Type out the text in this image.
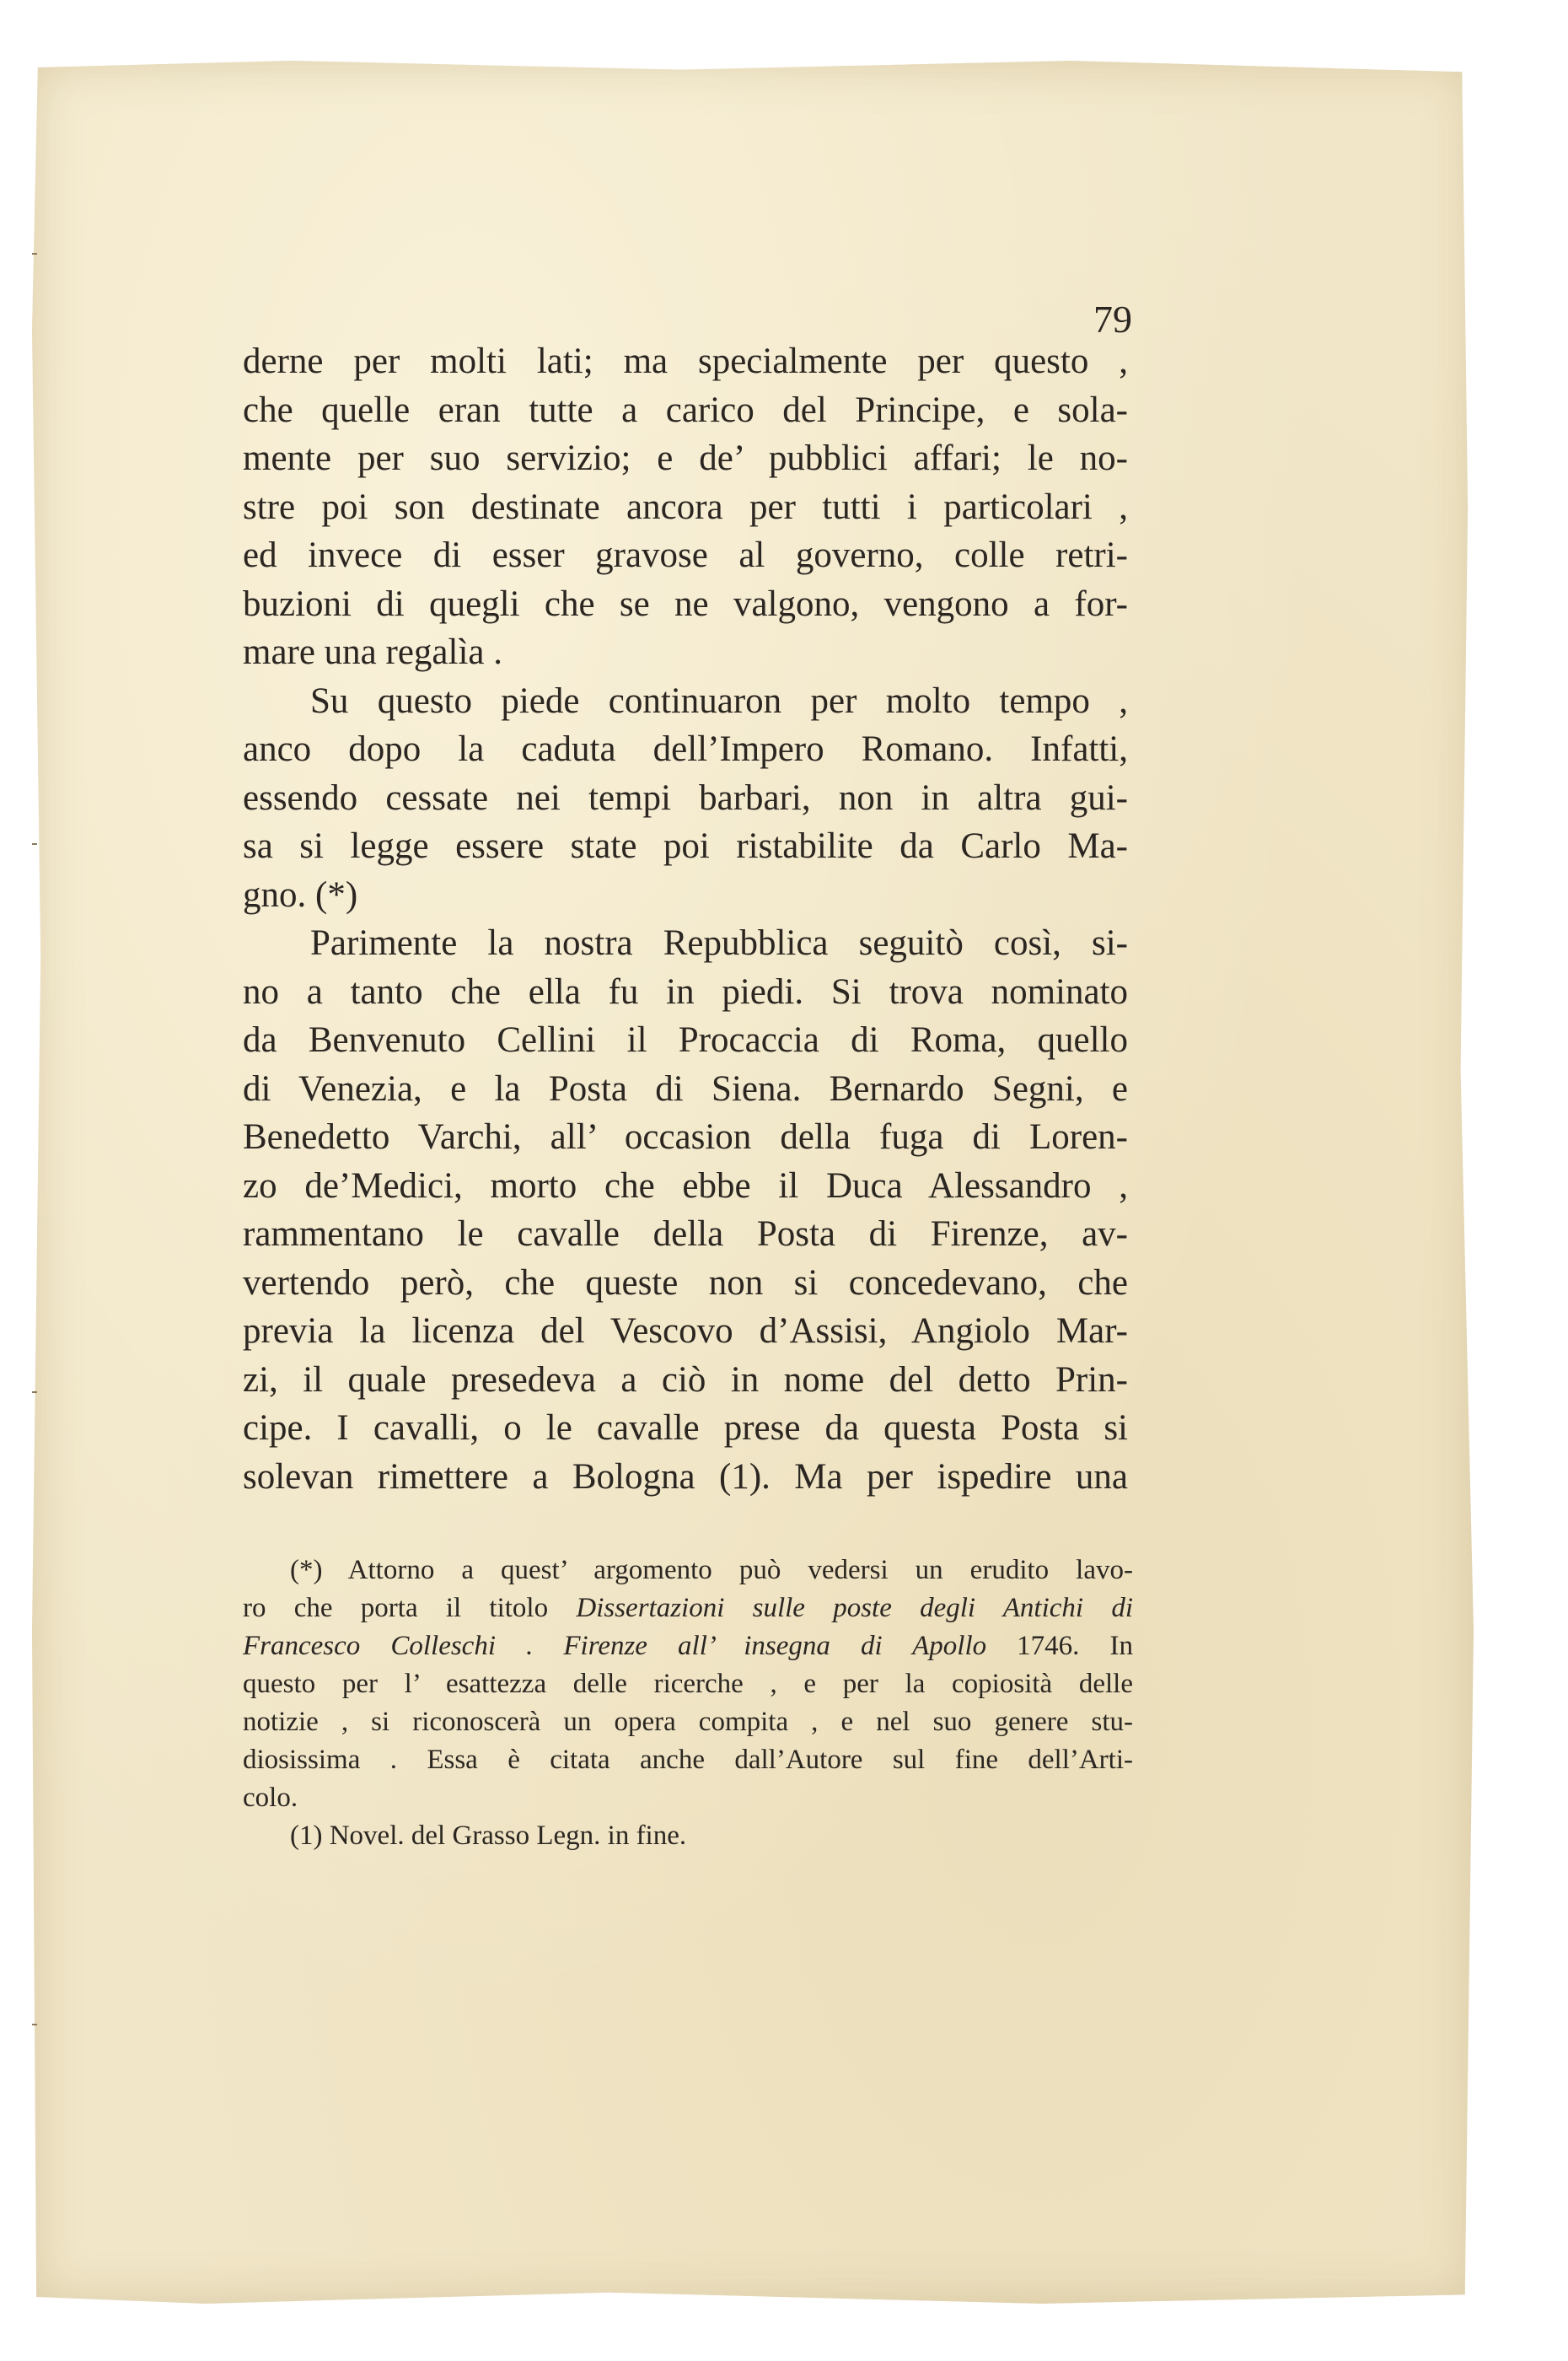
79
derne per molti lati; ma specialmente per questo ,
che quelle eran tutte a carico del Principe, e sola-
mente per suo servizio; e de’ pubblici affari; le no-
stre poi son destinate ancora per tutti i particolari ,
ed invece di esser gravose al governo, colle retri-
buzioni di quegli che se ne valgono, vengono a for-
mare una regalìa .
Su questo piede continuaron per molto tempo ,
anco dopo la caduta dell’Impero Romano. Infatti,
essendo cessate nei tempi barbari, non in altra gui-
sa si legge essere state poi ristabilite da Carlo Ma-
gno. (*)
Parimente la nostra Repubblica seguitò così, si-
no a tanto che ella fu in piedi. Si trova nominato
da Benvenuto Cellini il Procaccia di Roma, quello
di Venezia, e la Posta di Siena. Bernardo Segni, e
Benedetto Varchi, all’ occasion della fuga di Loren-
zo de’Medici, morto che ebbe il Duca Alessandro ,
rammentano le cavalle della Posta di Firenze, av-
vertendo però, che queste non si concedevano, che
previa la licenza del Vescovo d’Assisi, Angiolo Mar-
zi, il quale presedeva a ciò in nome del detto Prin-
cipe. I cavalli, o le cavalle prese da questa Posta si
solevan rimettere a Bologna (1). Ma per ispedire una
(*) Attorno a quest’ argomento può vedersi un erudito lavo-
ro che porta il titolo Dissertazioni sulle poste degli Antichi di
Francesco Colleschi . Firenze all’ insegna di Apollo 1746. In
questo per l’ esattezza delle ricerche , e per la copiosità delle
notizie , si riconoscerà un opera compita , e nel suo genere stu-
diosissima . Essa è citata anche dall’Autore sul fine dell’Arti-
colo.
(1) Novel. del Grasso Legn. in fine.
